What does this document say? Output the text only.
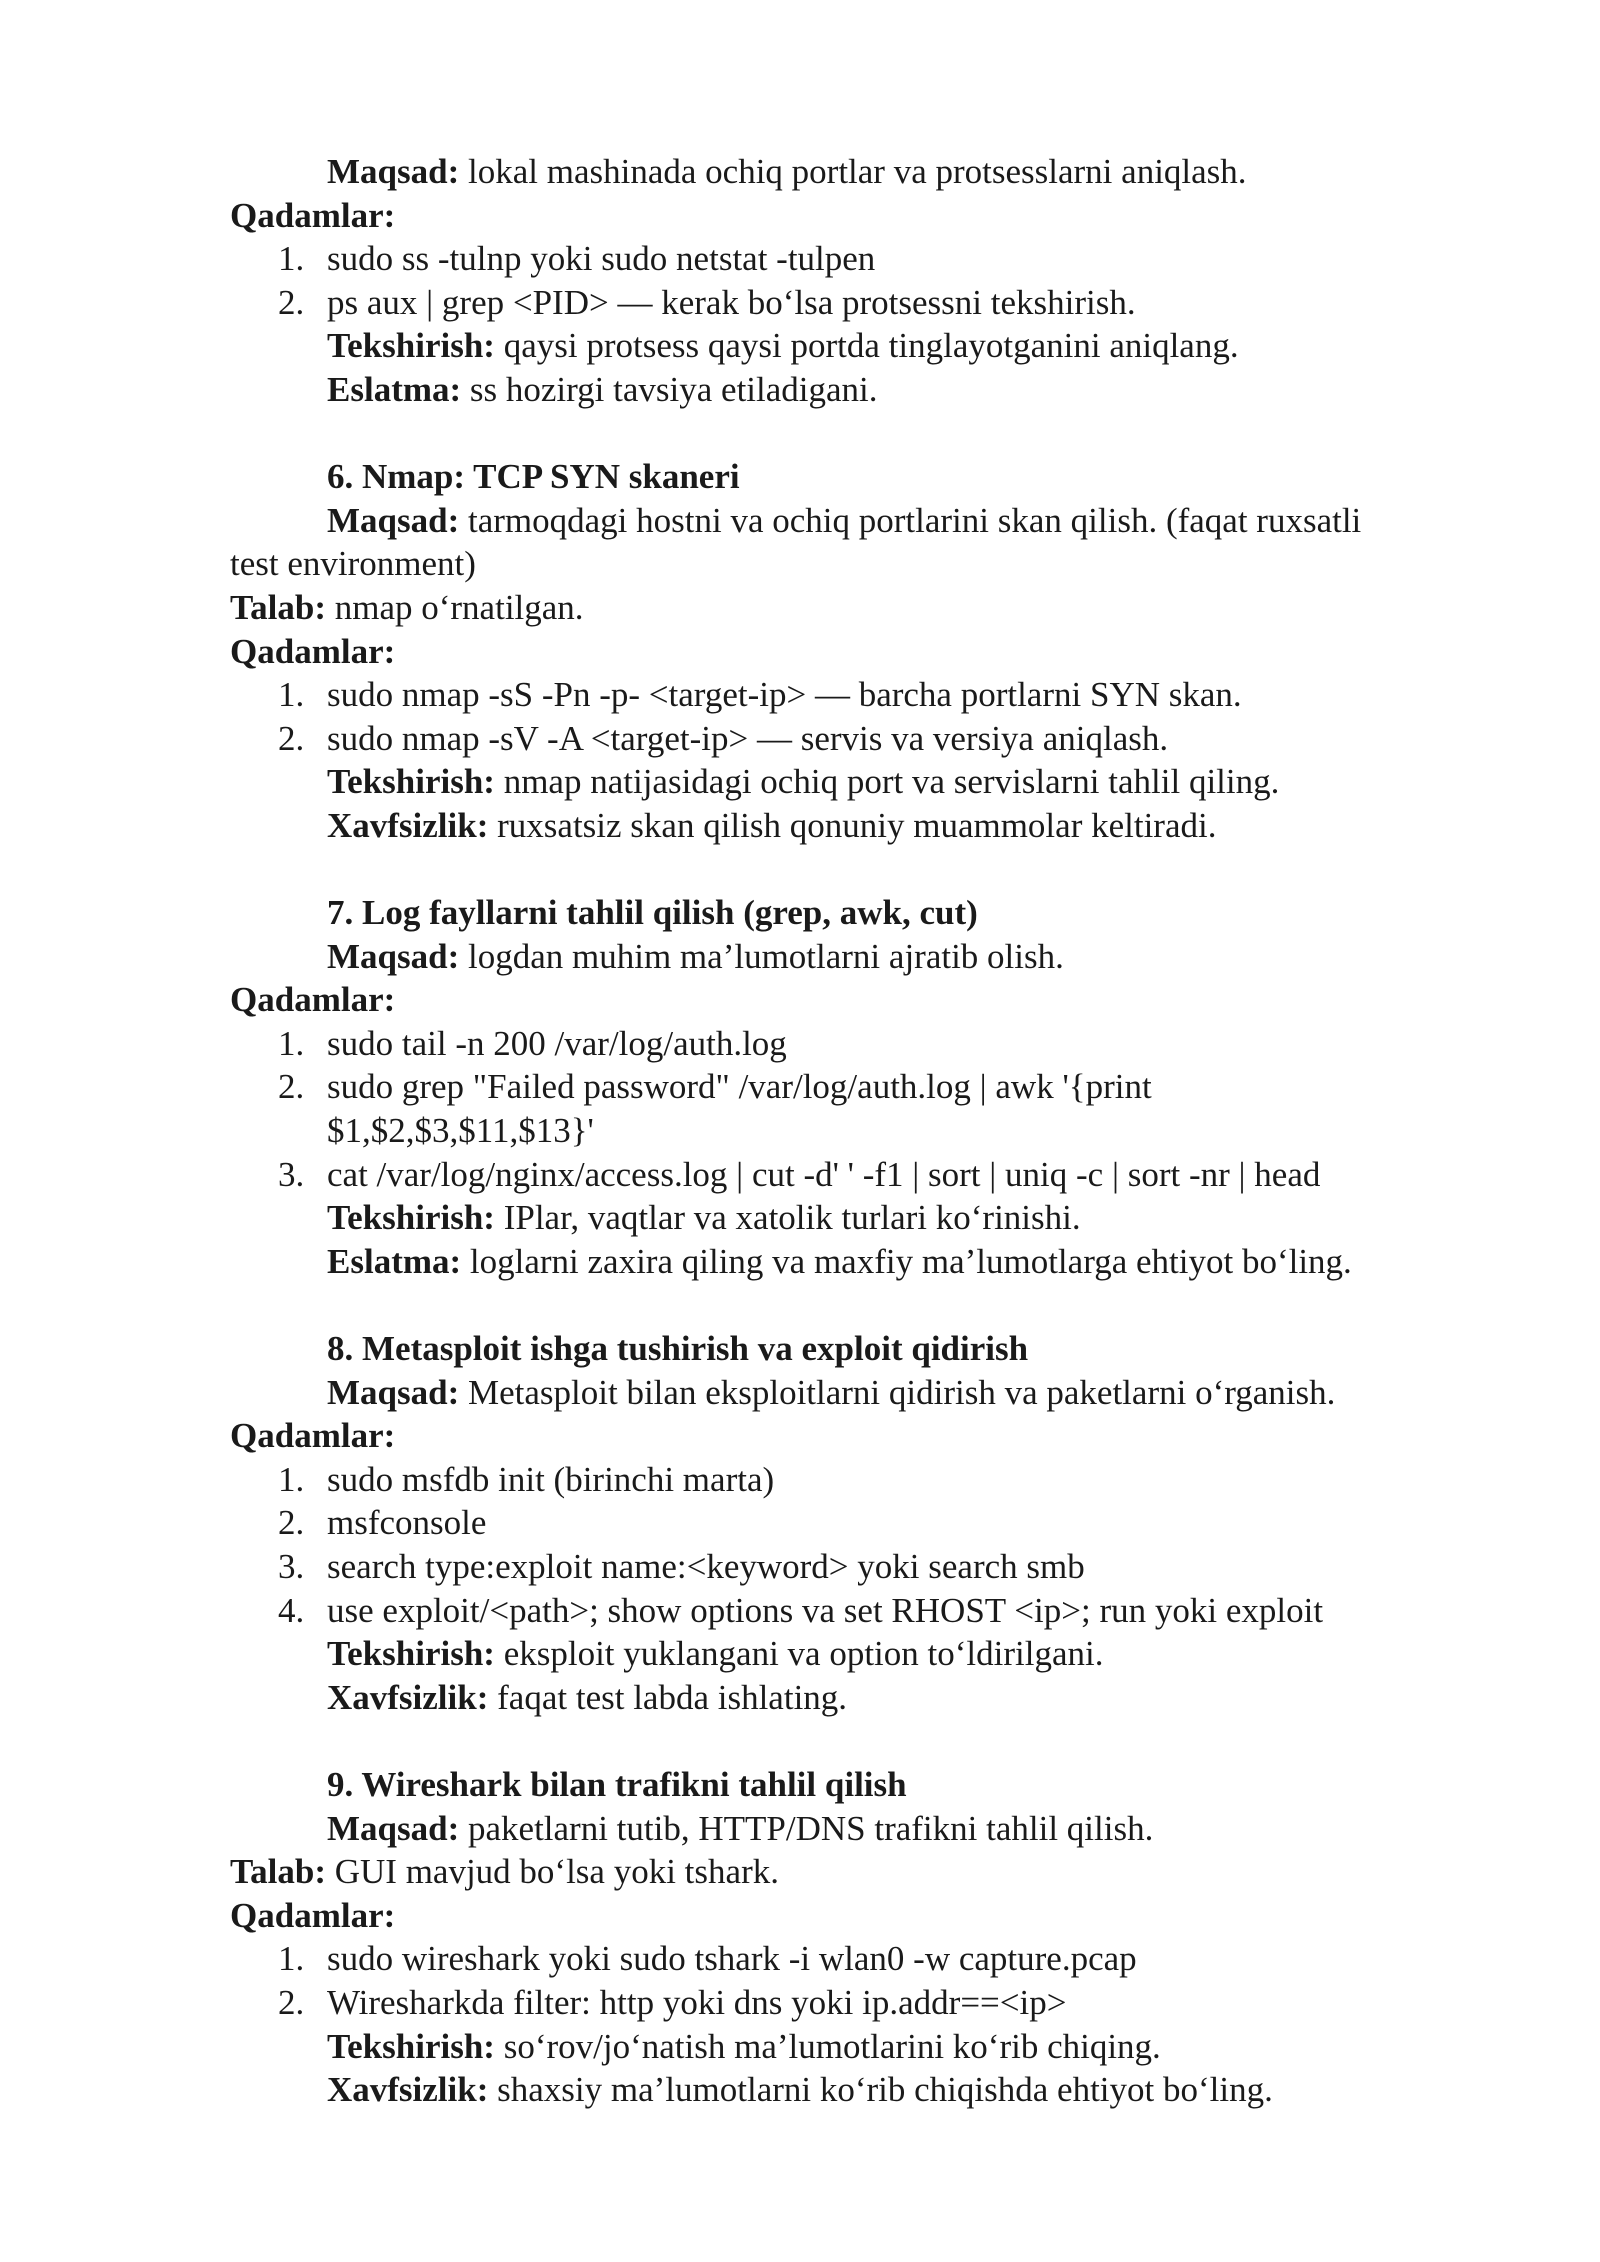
Maqsad: lokal mashinada ochiq portlar va protsesslarni aniqlash.
Qadamlar:
1. sudo ss -tulnp yoki sudo netstat -tulpen
2. ps aux | grep <PID> — kerak bo‘lsa protsessni tekshirish.
Tekshirish: qaysi protsess qaysi portda tinglayotganini aniqlang.
Eslatma: ss hozirgi tavsiya etiladigani.
6. Nmap: TCP SYN skaneri
Maqsad: tarmoqdagi hostni va ochiq portlarini skan qilish. (faqat ruxsatli
test environment)
Talab: nmap o‘rnatilgan.
Qadamlar:
1. sudo nmap -sS -Pn -p- <target-ip> — barcha portlarni SYN skan.
2. sudo nmap -sV -A <target-ip> — servis va versiya aniqlash.
Tekshirish: nmap natijasidagi ochiq port va servislarni tahlil qiling.
Xavfsizlik: ruxsatsiz skan qilish qonuniy muammolar keltiradi.
7. Log fayllarni tahlil qilish (grep, awk, cut)
Maqsad: logdan muhim ma’lumotlarni ajratib olish.
Qadamlar:
1. sudo tail -n 200 /var/log/auth.log
2. sudo grep "Failed password" /var/log/auth.log | awk '{print
$1,$2,$3,$11,$13}'
3. cat /var/log/nginx/access.log | cut -d' ' -f1 | sort | uniq -c | sort -nr | head
Tekshirish: IPlar, vaqtlar va xatolik turlari ko‘rinishi.
Eslatma: loglarni zaxira qiling va maxfiy ma’lumotlarga ehtiyot bo‘ling.
8. Metasploit ishga tushirish va exploit qidirish
Maqsad: Metasploit bilan eksploitlarni qidirish va paketlarni o‘rganish.
Qadamlar:
1. sudo msfdb init (birinchi marta)
2. msfconsole
3. search type:exploit name:<keyword> yoki search smb
4. use exploit/<path>; show options va set RHOST <ip>; run yoki exploit
Tekshirish: eksploit yuklangani va option to‘ldirilgani.
Xavfsizlik: faqat test labda ishlating.
9. Wireshark bilan trafikni tahlil qilish
Maqsad: paketlarni tutib, HTTP/DNS trafikni tahlil qilish.
Talab: GUI mavjud bo‘lsa yoki tshark.
Qadamlar:
1. sudo wireshark yoki sudo tshark -i wlan0 -w capture.pcap
2. Wiresharkda filter: http yoki dns yoki ip.addr==<ip>
Tekshirish: so‘rov/jo‘natish ma’lumotlarini ko‘rib chiqing.
Xavfsizlik: shaxsiy ma’lumotlarni ko‘rib chiqishda ehtiyot bo‘ling.
